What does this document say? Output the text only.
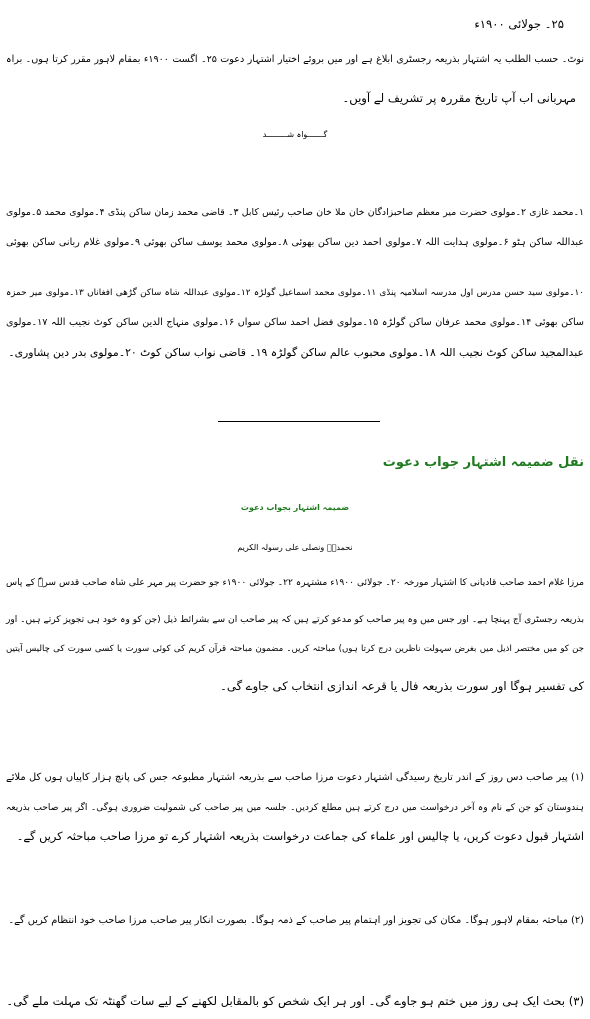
۲۵۔ جولائی ۱۹۰۰ء
نوٹ۔ حسب الطلب یہ اشتہار بذریعہ رجسٹری ابلاغ ہے اور میں بروئے اختیار اشتہار دعوت ۲۵۔ اگست ۱۹۰۰ء بمقام لاہور مقرر کرتا ہوں۔ براہ
مہربانی اب آپ تاریخ مقررہ پر تشریف لے آویں۔
گـــــــواہ شـــــــــد
۱۔محمد غازی ۲۔مولوی حضرت میر معظم صاحبزادگان خان ملا خان صاحب رئیس کابل ۳۔ قاضی محمد زمان ساکن پنڈی ۴۔مولوی محمد ۵۔مولوی
عبداللہ ساکن ہٹو ۶۔مولوی ہدایت اللہ ۷۔مولوی احمد دین ساکن بھوئی ۸۔مولوی محمد یوسف ساکن بھوئی ۹۔مولوی غلام ربانی ساکن بھوئی
۱۰۔مولوی سید حسن مدرس اول مدرسہ اسلامیہ پنڈی ۱۱۔مولوی محمد اسماعیل گولڑہ ۱۲۔مولوی عبداللہ شاہ ساکن گڑھی افغاناں ۱۳۔مولوی میر حمزہ
ساکن بھوئی ۱۴۔مولوی محمد عرفان ساکن گولڑہ ۱۵۔مولوی فضل احمد ساکن سواں ۱۶۔مولوی منہاج الدین ساکن کوٹ نجیب اللہ ۱۷۔مولوی
عبدالمجید ساکن کوٹ نجیب اللہ ۱۸۔مولوی محبوب عالم ساکن گولڑہ ۱۹۔ قاضی نواب ساکن کوٹ ۲۰۔مولوی بدر دین پشاوری۔
نقل ضمیمہ اشتہار جواب دعوت
ضمیمہ اشتہار بجواب دعوت
نحمدہٗ ونصلی علی رسولہ الکریم
مرزا غلام احمد صاحب قادیانی کا اشتہار مورخہ ۲۰۔ جولائی ۱۹۰۰ء مشتہرہ ۲۲۔ جولائی ۱۹۰۰ء جو حضرت پیر مہر علی شاہ صاحب قدس سرہٗ کے پاس
بذریعہ رجسٹری آج پہنچا ہے۔ اور جس میں وہ پیر صاحب کو مدعو کرتے ہیں کہ پیر صاحب ان سے بشرائط ذیل (جن کو وہ خود ہی تجویز کرتے ہیں۔ اور
جن کو میں مختصر اذیل میں بغرض سہولت ناظرین درج کرتا ہوں) مباحثہ کریں۔ مضمون مباحثہ قرآن کریم کی کوئی سورت یا کسی سورت کی چالیس آیتیں
کی تفسیر ہوگا اور سورت بذریعہ فال یا قرعہ اندازی انتخاب کی جاوے گی۔
(۱) پیر صاحب دس روز کے اندر تاریخ رسیدگی اشتہار دعوت مرزا صاحب سے بذریعہ اشتہار مطبوعہ جس کی پانچ ہزار کاپیاں ہوں کل ملائے
ہندوستان کو جن کے نام وہ آخر درخواست میں درج کرتے ہیں مطلع کردیں۔ جلسہ میں پیر صاحب کی شمولیت ضروری ہوگی۔ اگر پیر صاحب بذریعہ
اشتہار قبول دعوت کریں، یا چالیس اور علماء کی جماعت درخواست بذریعہ اشتہار کرے تو مرزا صاحب مباحثہ کریں گے۔
(۲) مباحثہ بمقام لاہور ہوگا۔ مکان کی تجویز اور اہتمام پیر صاحب کے ذمہ ہوگا۔ بصورت انکار پیر صاحب مرزا صاحب خود انتظام کریں گے۔
(۳) بحث ایک ہی روز میں ختم ہو جاوے گی۔ اور ہر ایک شخص کو بالمقابل لکھنے کے لیے سات گھنٹہ تک مہلت ملے گی۔
